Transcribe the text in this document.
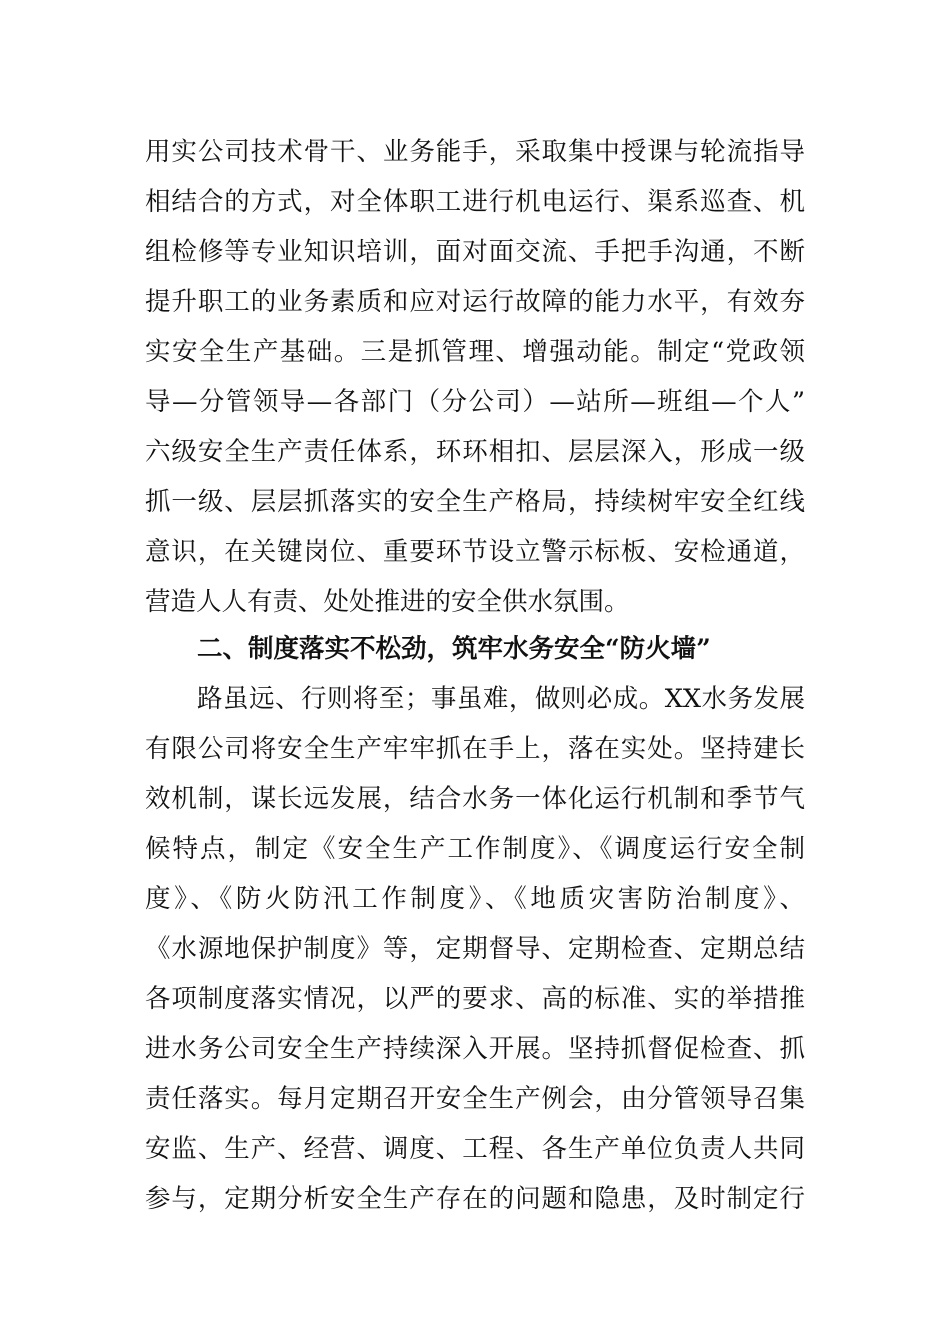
用实公司技术骨干、业务能手，采取集中授课与轮流指导
相结合的方式，对全体职工进行机电运行、渠系巡查、机
组检修等专业知识培训，面对面交流、手把手沟通，不断
提升职工的业务素质和应对运行故障的能力水平，有效夯
实安全生产基础。三是抓管理、增强动能。制定“党政领
导—分管领导—各部门（分公司）—站所—班组—个人”
六级安全生产责任体系，环环相扣、层层深入，形成一级
抓一级、层层抓落实的安全生产格局，持续树牢安全红线
意识，在关键岗位、重要环节设立警示标板、安检通道，
营造人人有责、处处推进的安全供水氛围。
二、制度落实不松劲，筑牢水务安全“防火墙”
路虽远、行则将至；事虽难，做则必成。XX水务发展
有限公司将安全生产牢牢抓在手上，落在实处。坚持建长
效机制，谋长远发展，结合水务一体化运行机制和季节气
候特点，制定《安全生产工作制度》、《调度运行安全制
度》、《防火防汛工作制度》、《地质灾害防治制度》、
《水源地保护制度》等，定期督导、定期检查、定期总结
各项制度落实情况，以严的要求、高的标准、实的举措推
进水务公司安全生产持续深入开展。坚持抓督促检查、抓
责任落实。每月定期召开安全生产例会，由分管领导召集
安监、生产、经营、调度、工程、各生产单位负责人共同
参与，定期分析安全生产存在的问题和隐患，及时制定行
